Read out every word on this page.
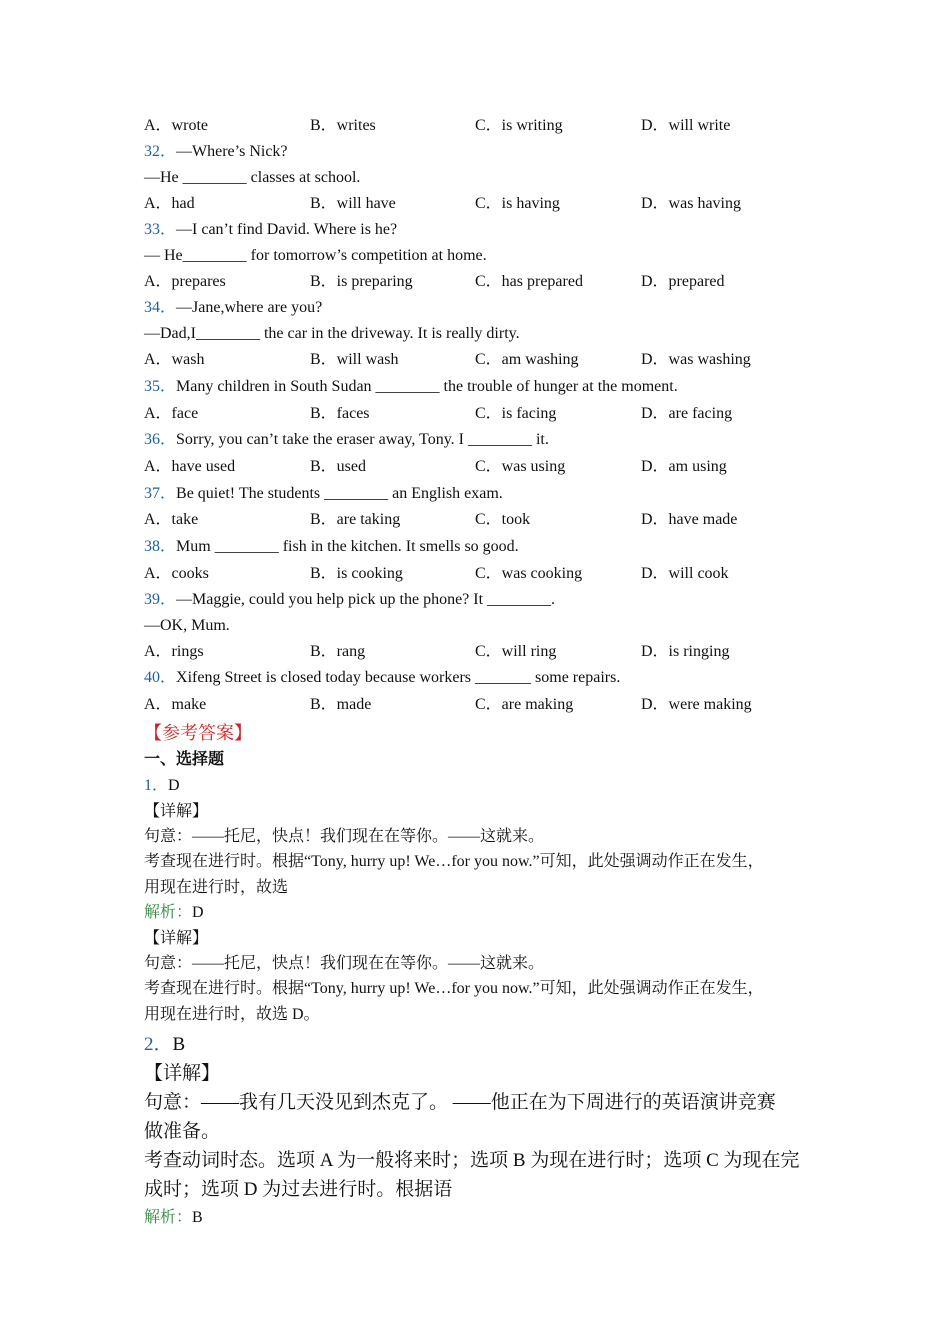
A．wrote	B．writes	C．is writing	D．will write
32．—Where’s Nick?
—He ________ classes at school.
A．had	B．will have	C．is having	D．was having
33．—I can’t find David. Where is he?
— He________ for tomorrow’s competition at home.
A．prepares	B．is preparing	C．has prepared	D．prepared
34．—Jane,where are you?
—Dad,I________ the car in the driveway. It is really dirty.
A．wash	B．will wash	C．am washing	D．was washing
35．Many children in South Sudan ________ the trouble of hunger at the moment.
A．face	B．faces	C．is facing	D．are facing
36．Sorry, you can’t take the eraser away, Tony. I ________ it.
A．have used	B．used	C．was using	D．am using
37．Be quiet! The students ________ an English exam.
A．take	B．are taking	C．took	D．have made
38．Mum ________ fish in the kitchen. It smells so good.
A．cooks	B．is cooking	C．was cooking	D．will cook
39．—Maggie, could you help pick up the phone? It ________.
—OK, Mum.
A．rings	B．rang	C．will ring	D．is ringing
40．Xifeng Street is closed today because workers _______ some repairs.
A．make	B．made	C．are making	D．were making
【参考答案】
一、选择题
1．D
【详解】
句意：——托尼，快点！我们现在在等你。——这就来。
考查现在进行时。根据“Tony, hurry up! We…for you now.”可知，此处强调动作正在发生，
用现在进行时，故选
解析：D
【详解】
句意：——托尼，快点！我们现在在等你。——这就来。
考查现在进行时。根据“Tony, hurry up! We…for you now.”可知，此处强调动作正在发生，
用现在进行时，故选 D。
2．B
【详解】
句意：——我有几天没见到杰克了。 ——他正在为下周进行的英语演讲竞赛
做准备。
考查动词时态。选项 A 为一般将来时；选项 B 为现在进行时；选项 C 为现在完
成时；选项 D 为过去进行时。根据语
解析：B
